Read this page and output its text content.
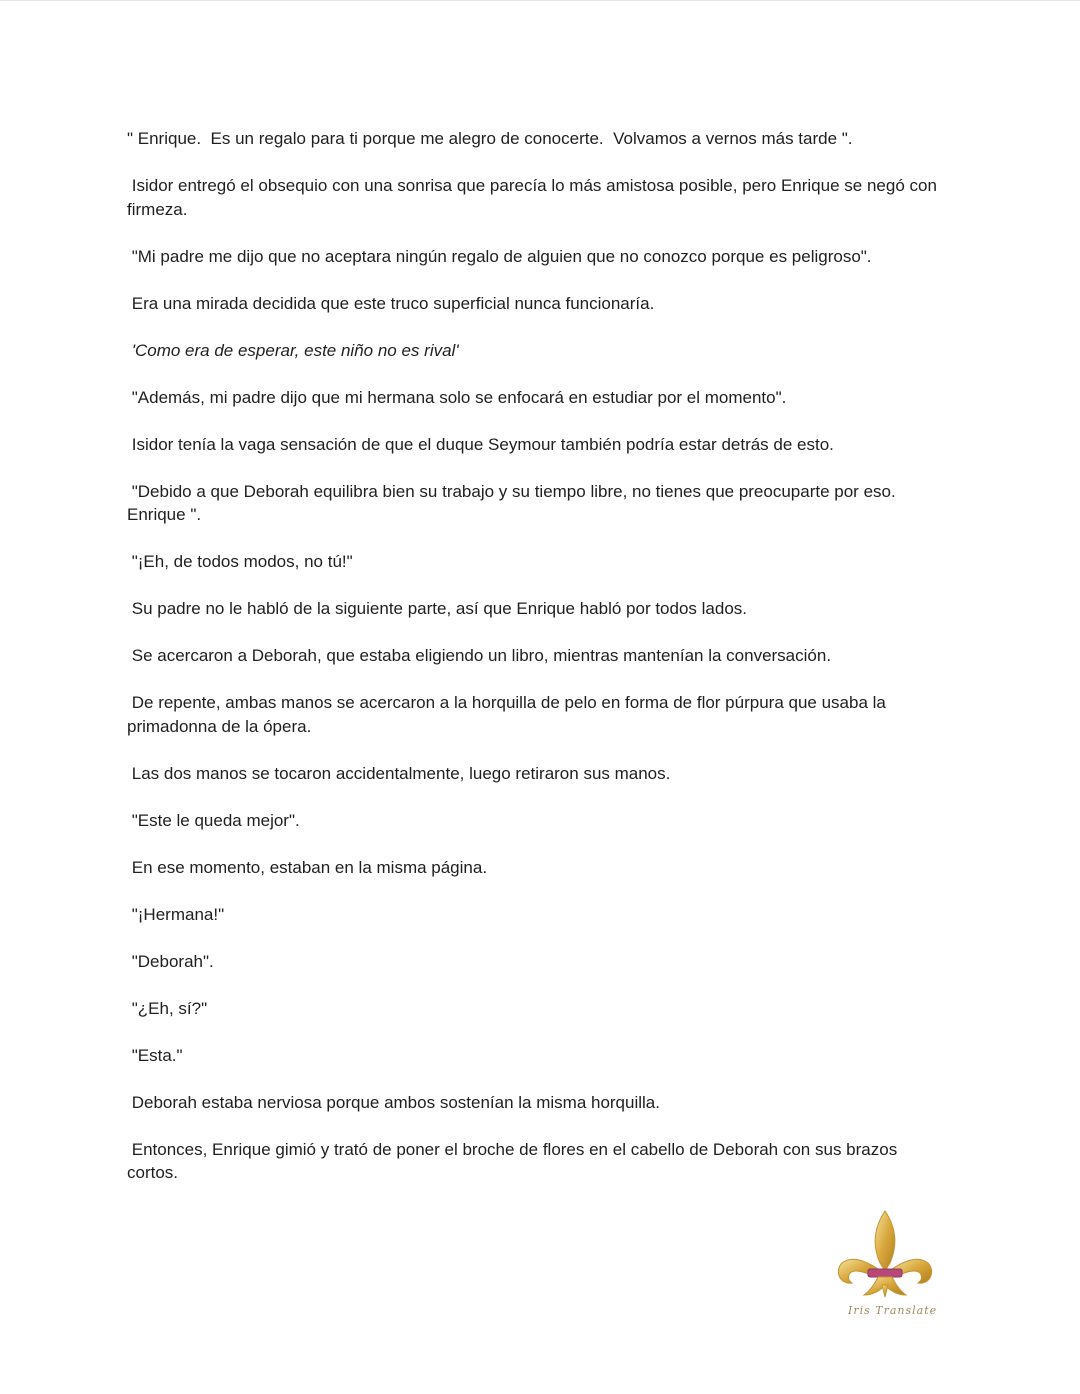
" Enrique.  Es un regalo para ti porque me alegro de conocerte.  Volvamos a vernos más tarde ".

Isidor entregó el obsequio con una sonrisa que parecía lo más amistosa posible, pero Enrique se negó con firmeza.

"Mi padre me dijo que no aceptara ningún regalo de alguien que no conozco porque es peligroso".

Era una mirada decidida que este truco superficial nunca funcionaría.

'Como era de esperar, este niño no es rival'

"Además, mi padre dijo que mi hermana solo se enfocará en estudiar por el momento".

Isidor tenía la vaga sensación de que el duque Seymour también podría estar detrás de esto.

"Debido a que Deborah equilibra bien su trabajo y su tiempo libre, no tienes que preocuparte por eso. Enrique ".

"¡Eh, de todos modos, no tú!"

Su padre no le habló de la siguiente parte, así que Enrique habló por todos lados.

Se acercaron a Deborah, que estaba eligiendo un libro, mientras mantenían la conversación.

De repente, ambas manos se acercaron a la horquilla de pelo en forma de flor púrpura que usaba la primadonna de la ópera.

Las dos manos se tocaron accidentalmente, luego retiraron sus manos.

"Este le queda mejor".

En ese momento, estaban en la misma página.

"¡Hermana!"

"Deborah".

"¿Eh, sí?"

"Esta."

Deborah estaba nerviosa porque ambos sostenían la misma horquilla.

Entonces, Enrique gimió y trató de poner el broche de flores en el cabello de Deborah con sus brazos cortos.

Iris Translate
